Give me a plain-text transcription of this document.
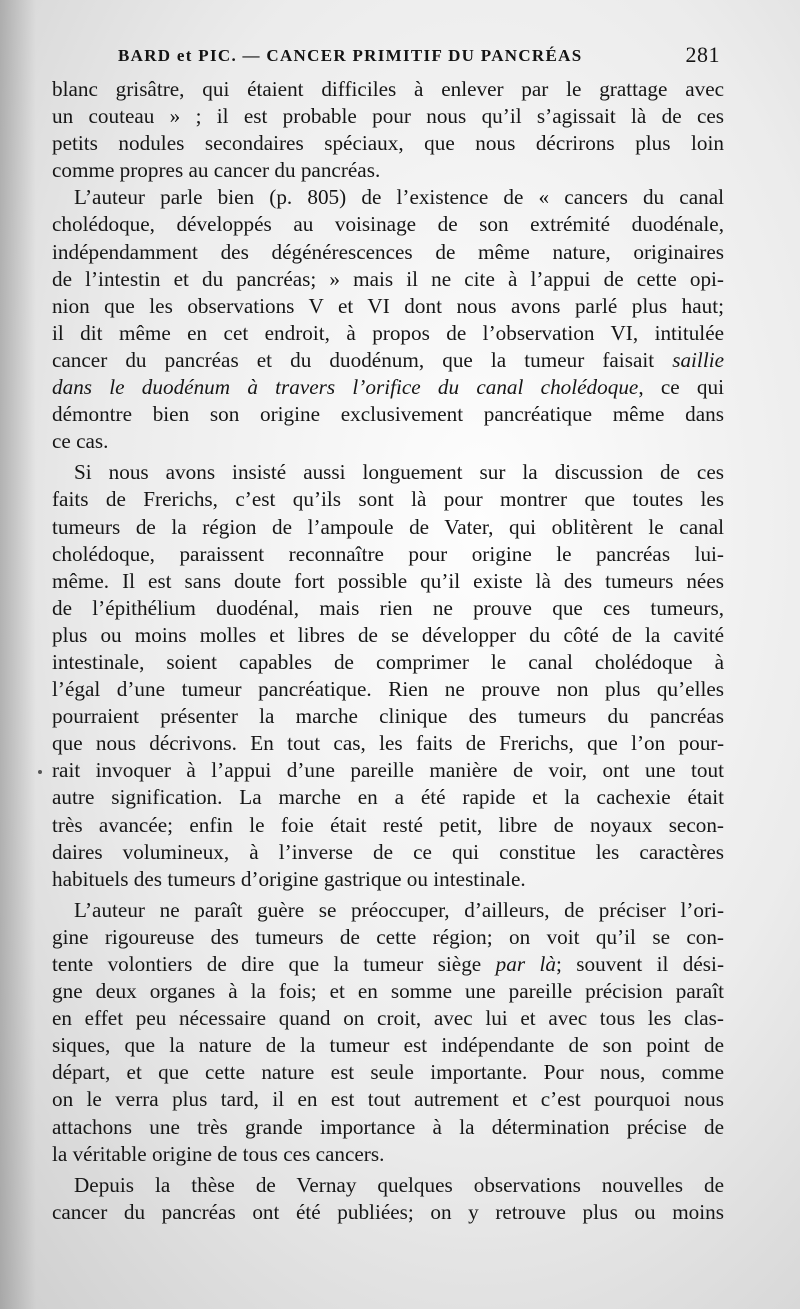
BARD et PIC. — CANCER PRIMITIF DU PANCRÉAS	281
blanc grisâtre, qui étaient difficiles à enlever par le grattage avec
un couteau » ; il est probable pour nous qu’il s’agissait là de ces
petits nodules secondaires spéciaux, que nous décrirons plus loin
comme propres au cancer du pancréas.
L’auteur parle bien (p. 805) de l’existence de « cancers du canal
cholédoque, développés au voisinage de son extrémité duodénale,
indépendamment des dégénérescences de même nature, originaires
de l’intestin et du pancréas; » mais il ne cite à l’appui de cette opi-
nion que les observations V et VI dont nous avons parlé plus haut;
il dit même en cet endroit, à propos de l’observation VI, intitulée
cancer du pancréas et du duodénum, que la tumeur faisait saillie
dans le duodénum à travers l’orifice du canal cholédoque, ce qui
démontre bien son origine exclusivement pancréatique même dans
ce cas.
Si nous avons insisté aussi longuement sur la discussion de ces
faits de Frerichs, c’est qu’ils sont là pour montrer que toutes les
tumeurs de la région de l’ampoule de Vater, qui oblitèrent le canal
cholédoque, paraissent reconnaître pour origine le pancréas lui-
même. Il est sans doute fort possible qu’il existe là des tumeurs nées
de l’épithélium duodénal, mais rien ne prouve que ces tumeurs,
plus ou moins molles et libres de se développer du côté de la cavité
intestinale, soient capables de comprimer le canal cholédoque à
l’égal d’une tumeur pancréatique. Rien ne prouve non plus qu’elles
pourraient présenter la marche clinique des tumeurs du pancréas
que nous décrivons. En tout cas, les faits de Frerichs, que l’on pour-
rait invoquer à l’appui d’une pareille manière de voir, ont une tout
autre signification. La marche en a été rapide et la cachexie était
très avancée; enfin le foie était resté petit, libre de noyaux secon-
daires volumineux, à l’inverse de ce qui constitue les caractères
habituels des tumeurs d’origine gastrique ou intestinale.
L’auteur ne paraît guère se préoccuper, d’ailleurs, de préciser l’ori-
gine rigoureuse des tumeurs de cette région; on voit qu’il se con-
tente volontiers de dire que la tumeur siège par là; souvent il dési-
gne deux organes à la fois; et en somme une pareille précision paraît
en effet peu nécessaire quand on croit, avec lui et avec tous les clas-
siques, que la nature de la tumeur est indépendante de son point de
départ, et que cette nature est seule importante. Pour nous, comme
on le verra plus tard, il en est tout autrement et c’est pourquoi nous
attachons une très grande importance à la détermination précise de
la véritable origine de tous ces cancers.
Depuis la thèse de Vernay quelques observations nouvelles de
cancer du pancréas ont été publiées; on y retrouve plus ou moins
